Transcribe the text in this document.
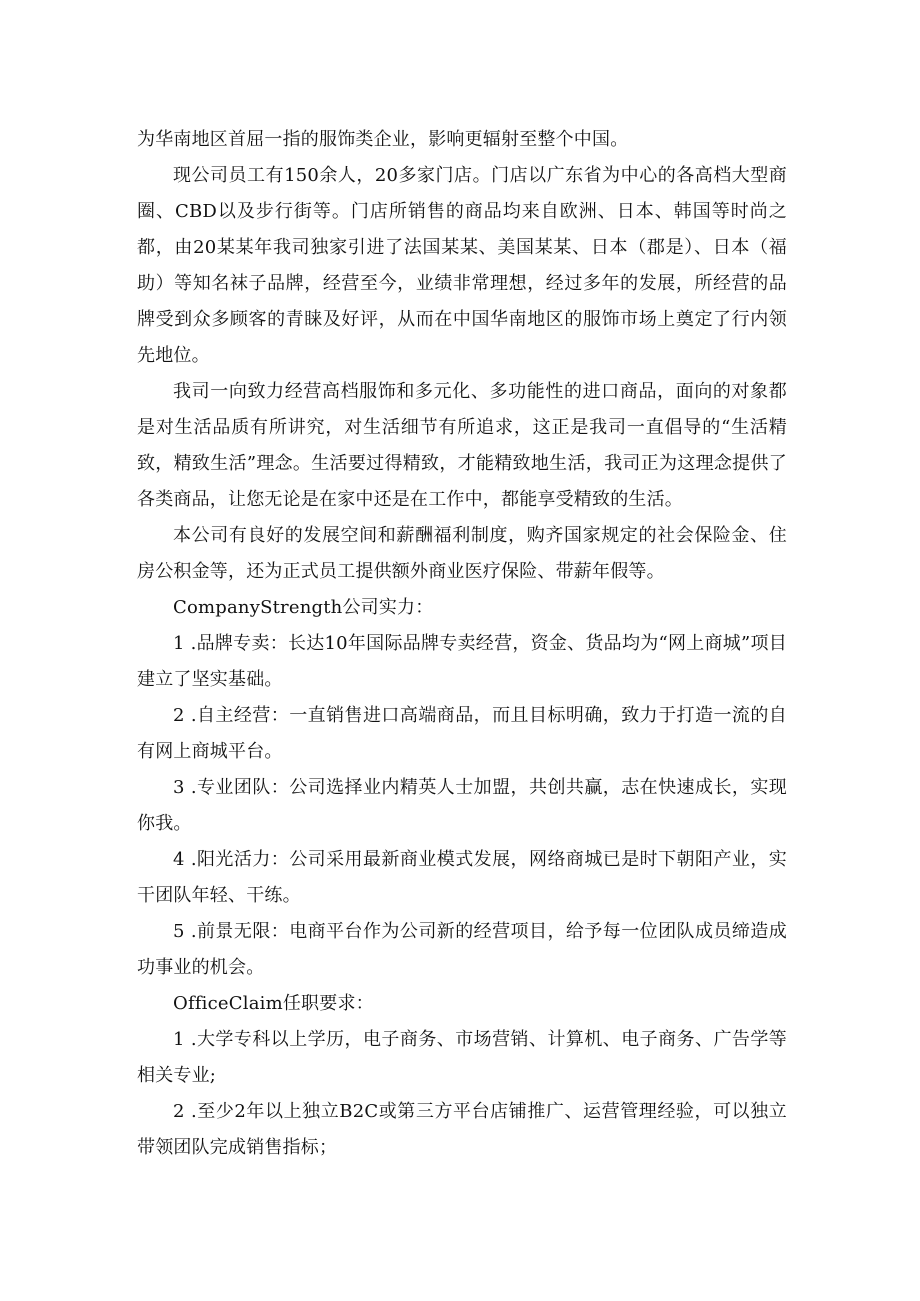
为华南地区首屈一指的服饰类企业，影响更辐射至整个中国。

现公司员工有150余人，20多家门店。门店以广东省为中心的各高档大型商圈、CBD以及步行街等。门店所销售的商品均来自欧洲、日本、韩国等时尚之都，由20某某年我司独家引进了法国某某、美国某某、日本（郡是）、日本（福助）等知名袜子品牌，经营至今，业绩非常理想，经过多年的发展，所经营的品牌受到众多顾客的青睐及好评，从而在中国华南地区的服饰市场上奠定了行内领先地位。

我司一向致力经营高档服饰和多元化、多功能性的进口商品，面向的对象都是对生活品质有所讲究，对生活细节有所追求，这正是我司一直倡导的“生活精致，精致生活”理念。生活要过得精致，才能精致地生活，我司正为这理念提供了各类商品，让您无论是在家中还是在工作中，都能享受精致的生活。

本公司有良好的发展空间和薪酬福利制度，购齐国家规定的社会保险金、住房公积金等，还为正式员工提供额外商业医疗保险、带薪年假等。

CompanyStrength公司实力：

1 .品牌专卖：长达10年国际品牌专卖经营，资金、货品均为“网上商城”项目建立了坚实基础。

2 .自主经营：一直销售进口高端商品，而且目标明确，致力于打造一流的自有网上商城平台。

3 .专业团队：公司选择业内精英人士加盟，共创共赢，志在快速成长，实现你我。

4 .阳光活力：公司采用最新商业模式发展，网络商城已是时下朝阳产业，实干团队年轻、干练。

5 .前景无限：电商平台作为公司新的经营项目，给予每一位团队成员缔造成功事业的机会。

OfficeClaim任职要求：

1 .大学专科以上学历，电子商务、市场营销、计算机、电子商务、广告学等相关专业;

2 .至少2年以上独立B2C或第三方平台店铺推广、运营管理经验，可以独立带领团队完成销售指标；
